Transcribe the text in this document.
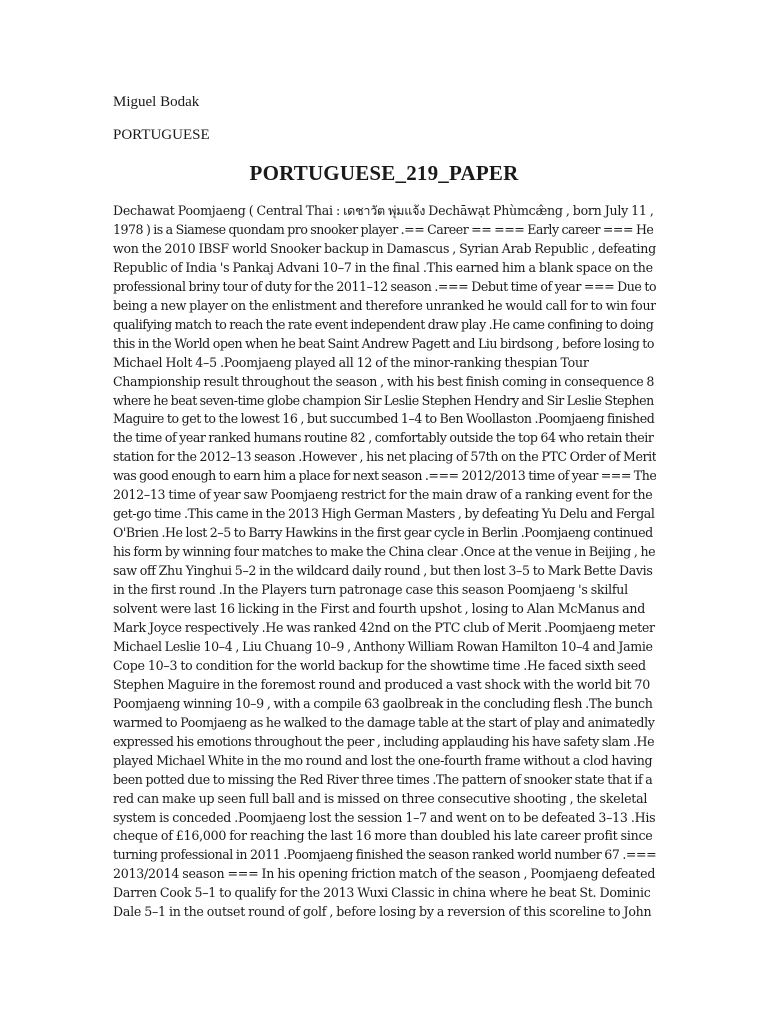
Miguel Bodak
PORTUGUESE
PORTUGUESE_219_PAPER
Dechawat Poomjaeng ( Central Thai : เดชาวัต พุ่มแจ้ง Dechāwạt Phùmcæ̂ng , born July 11 ,
1978 ) is a Siamese quondam pro snooker player .== Career == === Early career === He
won the 2010 IBSF world Snooker backup in Damascus , Syrian Arab Republic , defeating
Republic of India 's Pankaj Advani 10–7 in the final .This earned him a blank space on the
professional briny tour of duty for the 2011–12 season .=== Debut time of year === Due to
being a new player on the enlistment and therefore unranked he would call for to win four
qualifying match to reach the rate event independent draw play .He came confining to doing
this in the World open when he beat Saint Andrew Pagett and Liu birdsong , before losing to
Michael Holt 4–5 .Poomjaeng played all 12 of the minor-ranking thespian Tour
Championship result throughout the season , with his best finish coming in consequence 8
where he beat seven-time globe champion Sir Leslie Stephen Hendry and Sir Leslie Stephen
Maguire to get to the lowest 16 , but succumbed 1–4 to Ben Woollaston .Poomjaeng finished
the time of year ranked humans routine 82 , comfortably outside the top 64 who retain their
station for the 2012–13 season .However , his net placing of 57th on the PTC Order of Merit
was good enough to earn him a place for next season .=== 2012/2013 time of year === The
2012–13 time of year saw Poomjaeng restrict for the main draw of a ranking event for the
get-go time .This came in the 2013 High German Masters , by defeating Yu Delu and Fergal
O'Brien .He lost 2–5 to Barry Hawkins in the first gear cycle in Berlin .Poomjaeng continued
his form by winning four matches to make the China clear .Once at the venue in Beijing , he
saw off Zhu Yinghui 5–2 in the wildcard daily round , but then lost 3–5 to Mark Bette Davis
in the first round .In the Players turn patronage case this season Poomjaeng 's skilful
solvent were last 16 licking in the First and fourth upshot , losing to Alan McManus and
Mark Joyce respectively .He was ranked 42nd on the PTC club of Merit .Poomjaeng meter
Michael Leslie 10–4 , Liu Chuang 10–9 , Anthony William Rowan Hamilton 10–4 and Jamie
Cope 10–3 to condition for the world backup for the showtime time .He faced sixth seed
Stephen Maguire in the foremost round and produced a vast shock with the world bit 70
Poomjaeng winning 10–9 , with a compile 63 gaolbreak in the concluding flesh .The bunch
warmed to Poomjaeng as he walked to the damage table at the start of play and animatedly
expressed his emotions throughout the peer , including applauding his have safety slam .He
played Michael White in the mo round and lost the one-fourth frame without a clod having
been potted due to missing the Red River three times .The pattern of snooker state that if a
red can make up seen full ball and is missed on three consecutive shooting , the skeletal
system is conceded .Poomjaeng lost the session 1–7 and went on to be defeated 3–13 .His
cheque of £16,000 for reaching the last 16 more than doubled his late career profit since
turning professional in 2011 .Poomjaeng finished the season ranked world number 67 .===
2013/2014 season === In his opening friction match of the season , Poomjaeng defeated
Darren Cook 5–1 to qualify for the 2013 Wuxi Classic in china where he beat St. Dominic
Dale 5–1 in the outset round of golf , before losing by a reversion of this scoreline to John
